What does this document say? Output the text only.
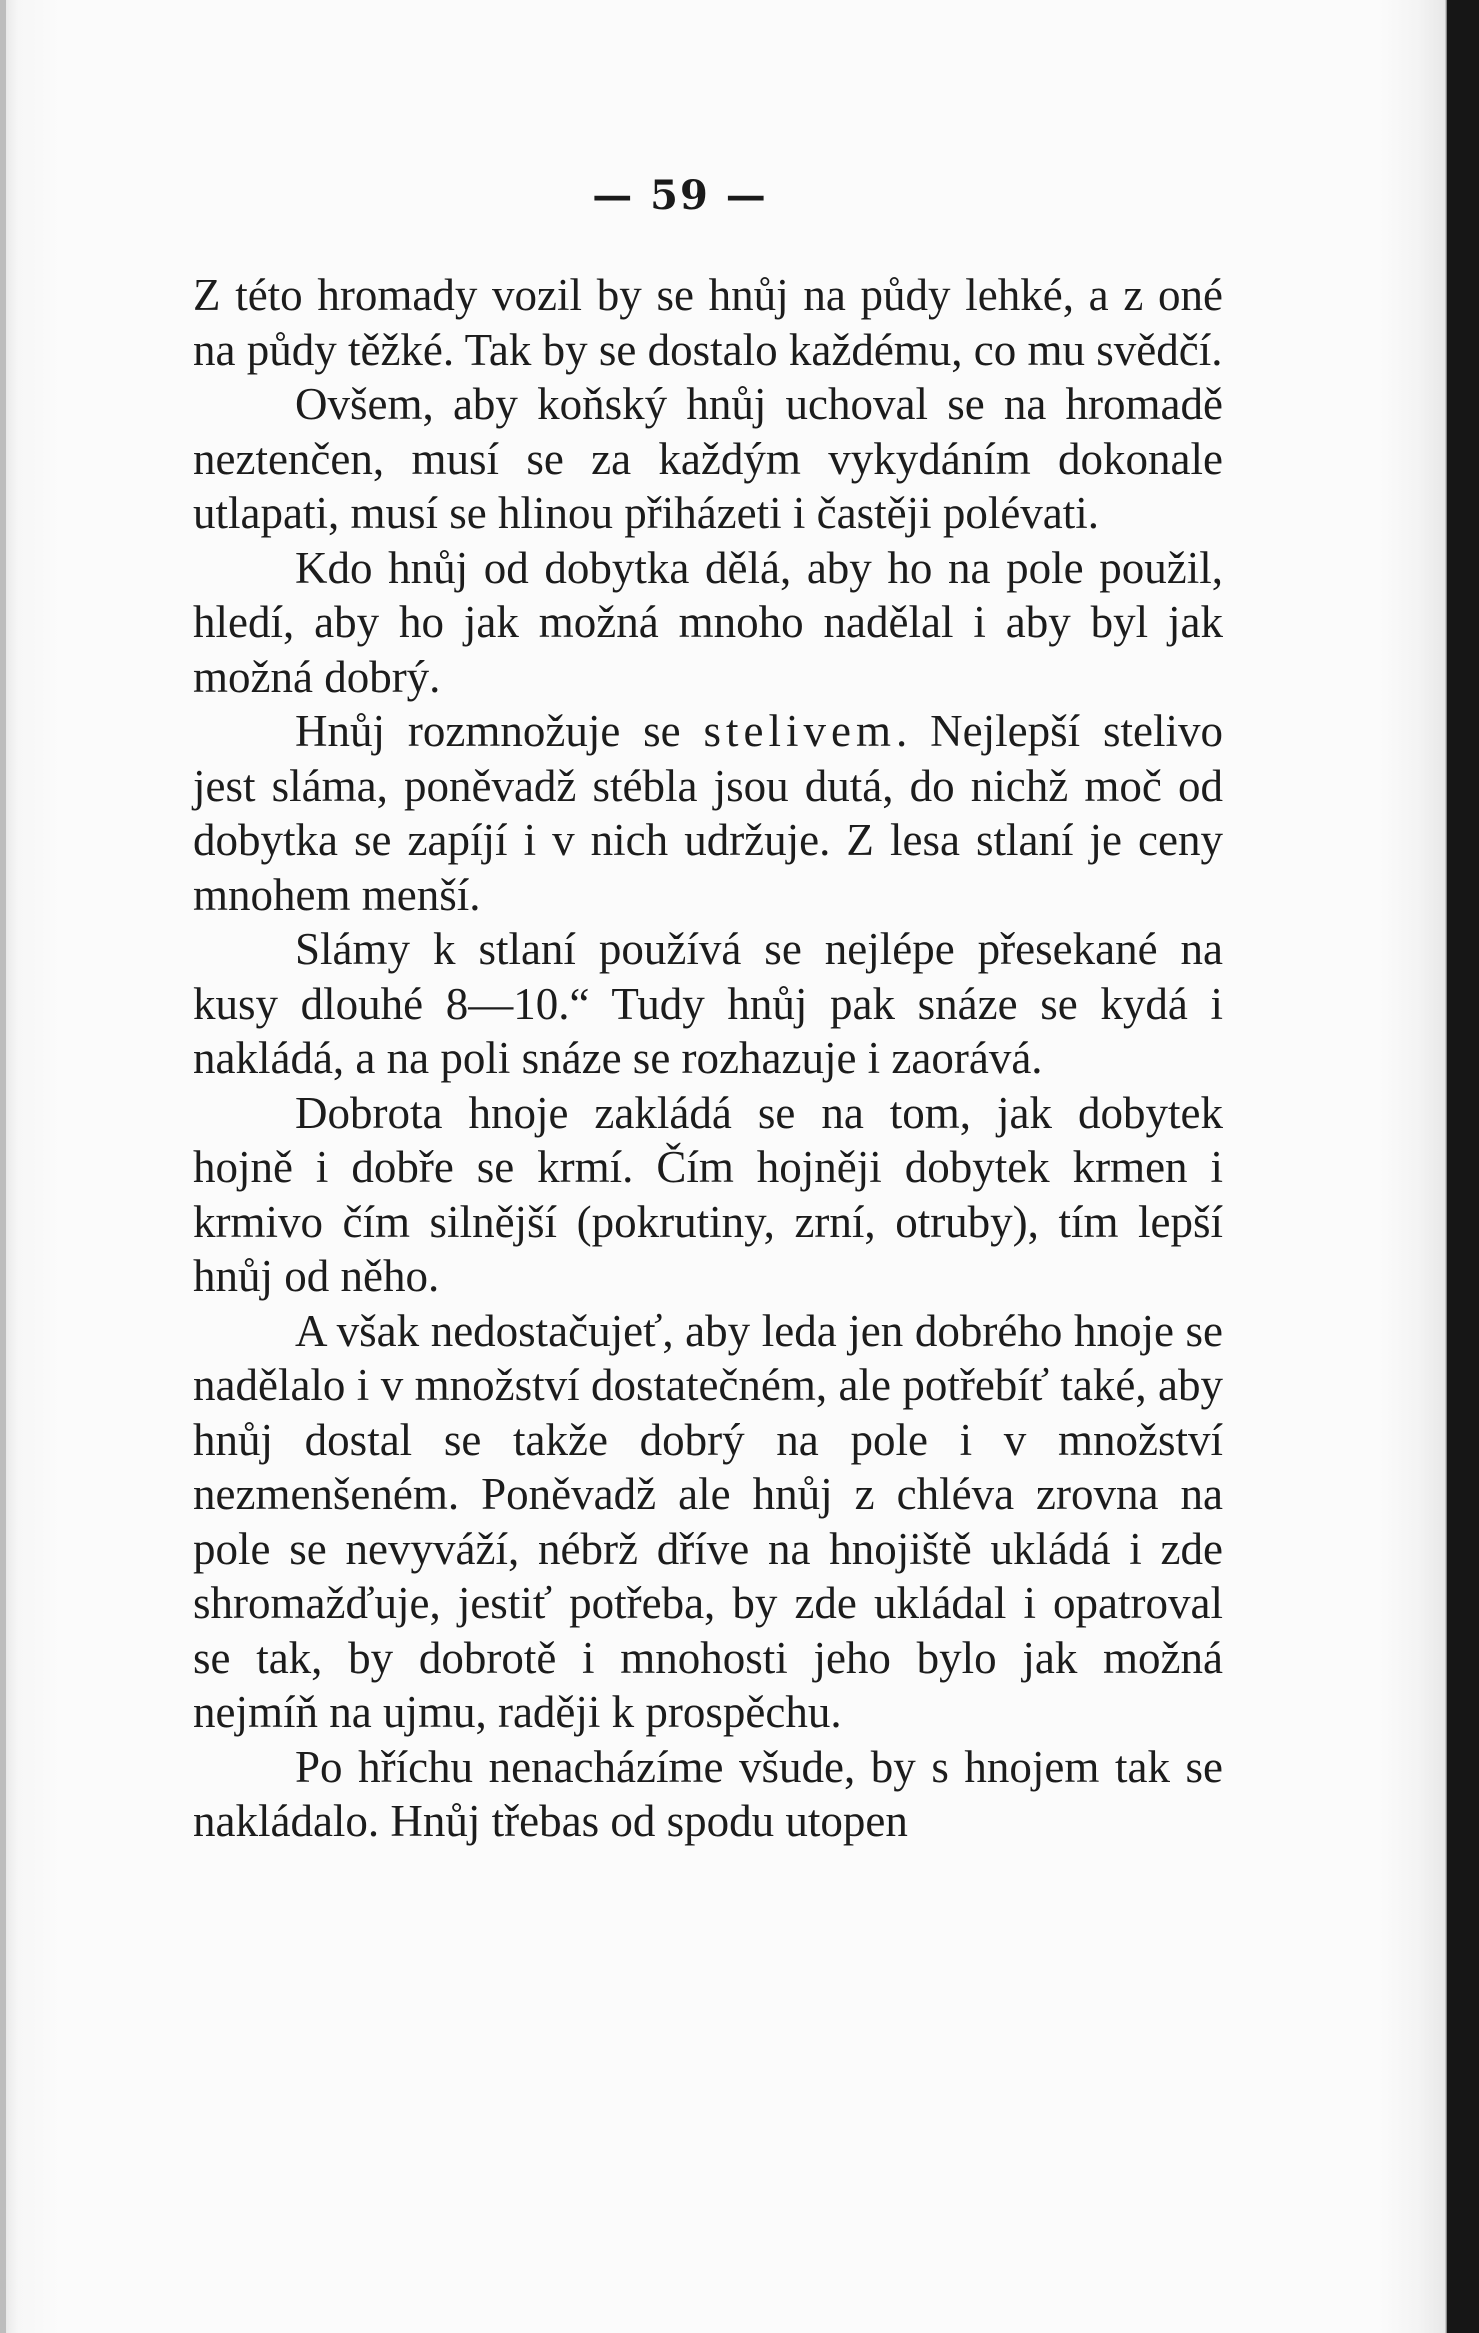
— 59 —

Z této hromady vozil by se hnůj na půdy lehké, a z oné na půdy těžké. Tak by se dostalo každému, co mu svědčí.

Ovšem, aby koňský hnůj uchoval se na hromadě neztenčen, musí se za každým vykydáním dokonale utlapati, musí se hlinou přiházeti i častěji polévati.

Kdo hnůj od dobytka dělá, aby ho na pole použil, hledí, aby ho jak možná mnoho nadělal i aby byl jak možná dobrý.

Hnůj rozmnožuje se stelivem. Nejlepší stelivo jest sláma, poněvadž stébla jsou dutá, do nichž moč od dobytka se zapíjí i v nich udržuje. Z lesa stlaní je ceny mnohem menší.

Slámy k stlaní používá se nejlépe přesekané na kusy dlouhé 8—10.“ Tudy hnůj pak snáze se kydá i nakládá, a na poli snáze se rozhazuje i zaorává.

Dobrota hnoje zakládá se na tom, jak dobytek hojně i dobře se krmí. Čím hojněji dobytek krmen i krmivo čím silnější (pokrutiny, zrní, otruby), tím lepší hnůj od něho.

A však nedostačujeť, aby leda jen dobrého hnoje se nadělalo i v množství dostatečném, ale potřebíť také, aby hnůj dostal se takže dobrý na pole i v množství nezmenšeném. Poněvadž ale hnůj z chléva zrovna na pole se nevyváží, nébrž dříve na hnojiště ukládá i zde shromažďuje, jestiť potřeba, by zde ukládal i opatroval se tak, by dobrotě i mnohosti jeho bylo jak možná nejmíň na ujmu, raději k prospěchu.

Po hříchu nenacházíme všude, by s hnojem tak se nakládalo. Hnůj třebas od spodu utopen
